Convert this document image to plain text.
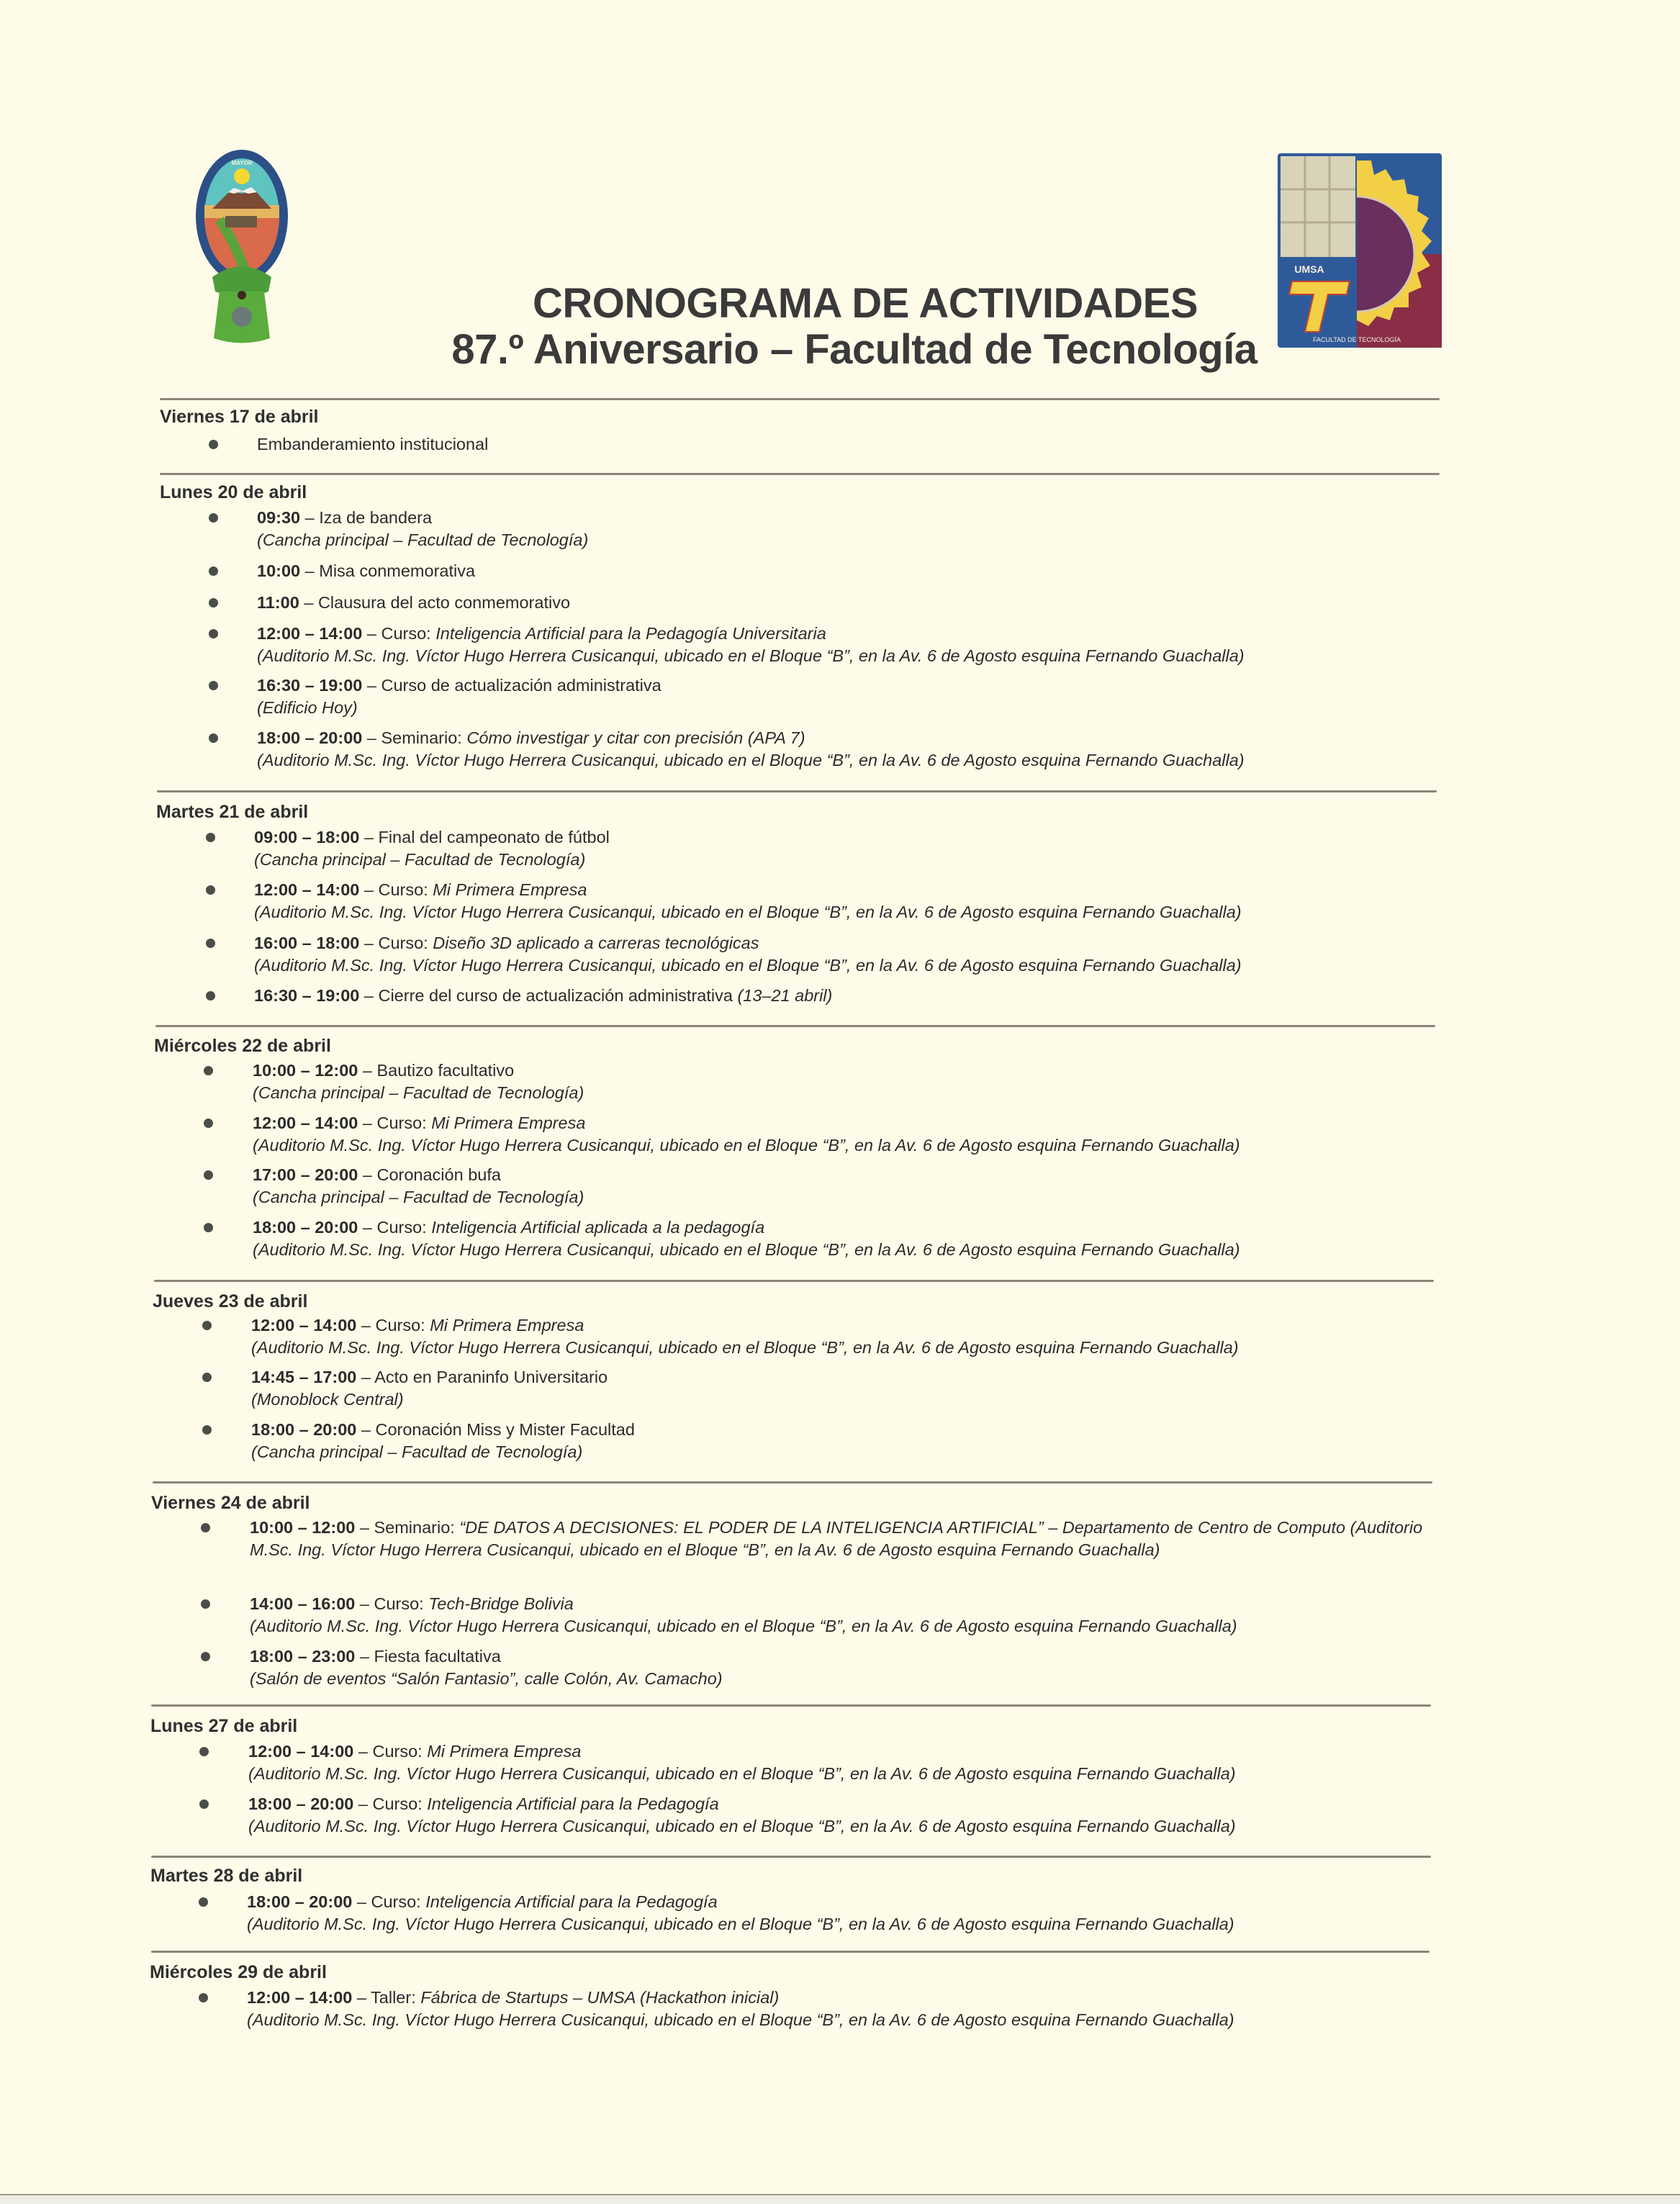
MAYOR
UMSA
FACULTAD DE TECNOLOGÍA
CRONOGRAMA DE ACTIVIDADES
87.º Aniversario – Facultad de Tecnología
Viernes 17 de abril
Embanderamiento institucional
Lunes 20 de abril
09:30 – Iza de bandera
(Cancha principal – Facultad de Tecnología)
10:00 – Misa conmemorativa
11:00 – Clausura del acto conmemorativo
12:00 – 14:00 – Curso: Inteligencia Artificial para la Pedagogía Universitaria
(Auditorio M.Sc. Ing. Víctor Hugo Herrera Cusicanqui, ubicado en el Bloque “B”, en la Av. 6 de Agosto esquina Fernando Guachalla)
16:30 – 19:00 – Curso de actualización administrativa
(Edificio Hoy)
18:00 – 20:00 – Seminario: Cómo investigar y citar con precisión (APA 7)
(Auditorio M.Sc. Ing. Víctor Hugo Herrera Cusicanqui, ubicado en el Bloque “B”, en la Av. 6 de Agosto esquina Fernando Guachalla)
Martes 21 de abril
09:00 – 18:00 – Final del campeonato de fútbol
(Cancha principal – Facultad de Tecnología)
12:00 – 14:00 – Curso: Mi Primera Empresa
(Auditorio M.Sc. Ing. Víctor Hugo Herrera Cusicanqui, ubicado en el Bloque “B”, en la Av. 6 de Agosto esquina Fernando Guachalla)
16:00 – 18:00 – Curso: Diseño 3D aplicado a carreras tecnológicas
(Auditorio M.Sc. Ing. Víctor Hugo Herrera Cusicanqui, ubicado en el Bloque “B”, en la Av. 6 de Agosto esquina Fernando Guachalla)
16:30 – 19:00 – Cierre del curso de actualización administrativa (13–21 abril)
Miércoles 22 de abril
10:00 – 12:00 – Bautizo facultativo
(Cancha principal – Facultad de Tecnología)
12:00 – 14:00 – Curso: Mi Primera Empresa
(Auditorio M.Sc. Ing. Víctor Hugo Herrera Cusicanqui, ubicado en el Bloque “B”, en la Av. 6 de Agosto esquina Fernando Guachalla)
17:00 – 20:00 – Coronación bufa
(Cancha principal – Facultad de Tecnología)
18:00 – 20:00 – Curso: Inteligencia Artificial aplicada a la pedagogía
(Auditorio M.Sc. Ing. Víctor Hugo Herrera Cusicanqui, ubicado en el Bloque “B”, en la Av. 6 de Agosto esquina Fernando Guachalla)
Jueves 23 de abril
12:00 – 14:00 – Curso: Mi Primera Empresa
(Auditorio M.Sc. Ing. Víctor Hugo Herrera Cusicanqui, ubicado en el Bloque “B”, en la Av. 6 de Agosto esquina Fernando Guachalla)
14:45 – 17:00 – Acto en Paraninfo Universitario
(Monoblock Central)
18:00 – 20:00 – Coronación Miss y Mister Facultad
(Cancha principal – Facultad de Tecnología)
Viernes 24 de abril
10:00 – 12:00 – Seminario: “DE DATOS A DECISIONES: EL PODER DE LA INTELIGENCIA ARTIFICIAL” – Departamento de Centro de Computo (Auditorio M.Sc. Ing. Víctor Hugo Herrera Cusicanqui, ubicado en el Bloque “B”, en la Av. 6 de Agosto esquina Fernando Guachalla)
14:00 – 16:00 – Curso: Tech-Bridge Bolivia
(Auditorio M.Sc. Ing. Víctor Hugo Herrera Cusicanqui, ubicado en el Bloque “B”, en la Av. 6 de Agosto esquina Fernando Guachalla)
18:00 – 23:00 – Fiesta facultativa
(Salón de eventos “Salón Fantasio”, calle Colón, Av. Camacho)
Lunes 27 de abril
12:00 – 14:00 – Curso: Mi Primera Empresa
(Auditorio M.Sc. Ing. Víctor Hugo Herrera Cusicanqui, ubicado en el Bloque “B”, en la Av. 6 de Agosto esquina Fernando Guachalla)
18:00 – 20:00 – Curso: Inteligencia Artificial para la Pedagogía
(Auditorio M.Sc. Ing. Víctor Hugo Herrera Cusicanqui, ubicado en el Bloque “B”, en la Av. 6 de Agosto esquina Fernando Guachalla)
Martes 28 de abril
18:00 – 20:00 – Curso: Inteligencia Artificial para la Pedagogía
(Auditorio M.Sc. Ing. Víctor Hugo Herrera Cusicanqui, ubicado en el Bloque “B”, en la Av. 6 de Agosto esquina Fernando Guachalla)
Miércoles 29 de abril
12:00 – 14:00 – Taller: Fábrica de Startups – UMSA (Hackathon inicial)
(Auditorio M.Sc. Ing. Víctor Hugo Herrera Cusicanqui, ubicado en el Bloque “B”, en la Av. 6 de Agosto esquina Fernando Guachalla)
